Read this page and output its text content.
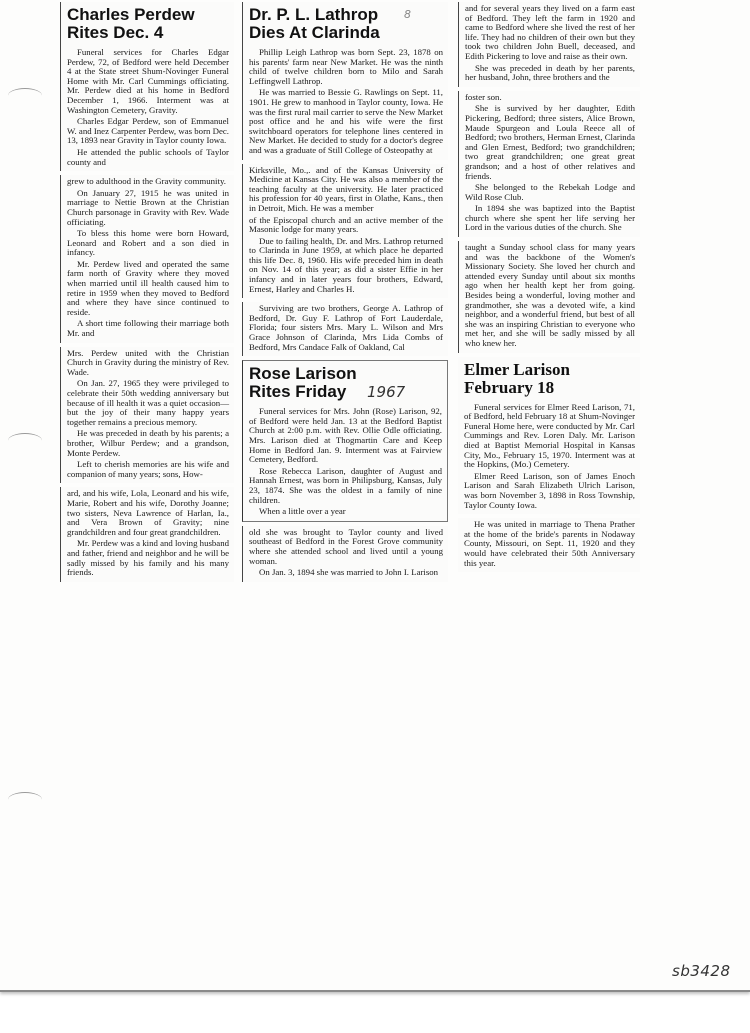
Charles Perdew
Rites Dec. 4

Funeral services for Charles Edgar Perdew, 72, of Bedford were held December 4 at the State street Shum-Novinger Funeral Home with Mr. Carl Cummings officiating. Mr. Perdew died at his home in Bedford December 1, 1966. Interment was at Washington Cemetery, Gravity.

Charles Edgar Perdew, son of Emmanuel W. and Inez Carpenter Perdew, was born Dec. 13, 1893 near Gravity in Taylor county Iowa.

He attended the public schools of Taylor county and

grew to adulthood in the Gravity community.

On January 27, 1915 he was united in marriage to Nettie Brown at the Christian Church parsonage in Gravity with Rev. Wade officiating.

To bless this home were born Howard, Leonard and Robert and a son died in infancy.

Mr. Perdew lived and operated the same farm north of Gravity where they moved when married until ill health caused him to retire in 1959 when they moved to Bedford and where they have since continued to reside.

A short time following their marriage both Mr. and

Mrs. Perdew united with the Christian Church in Gravity during the ministry of Rev. Wade.

On Jan. 27, 1965 they were privileged to celebrate their 50th wedding anniversary but because of ill health it was a quiet occasion—but the joy of their many happy years together remains a precious memory.

He was preceded in death by his parents; a brother, Wilbur Perdew; and a grandson, Monte Perdew.

Left to cherish memories are his wife and companion of many years; sons, How-

ard, and his wife, Lola, Leonard and his wife, Marie, Robert and his wife, Dorothy Joanne; two sisters, Neva Lawrence of Harlan, Ia., and Vera Brown of Gravity; nine grandchildren and four great grandchildren.

Mr. Perdew was a kind and loving husband and father, friend and neighbor and he will be sadly missed by his family and his many friends.

Dr. P. L. Lathrop
Dies At Clarinda

Phillip Leigh Lathrop was born Sept. 23, 1878 on his parents' farm near New Market. He was the ninth child of twelve children born to Milo and Sarah Leffingwell Lathrop.

He was married to Bessie G. Rawlings on Sept. 11, 1901. He grew to manhood in Taylor county, Iowa. He was the first rural mail carrier to serve the New Market post office and he and his wife were the first switchboard operators for telephone lines centered in New Market. He decided to study for a doctor's degree and was a graduate of Still College of Osteopathy at

Kirksville, Mo.,. and of the Kansas University of Medicine at Kansas City. He was also a member of the teaching faculty at the university. He later practiced his profession for 40 years, first in Olathe, Kans., then in Detroit, Mich. He was a member

of the Episcopal church and an active member of the Masonic lodge for many years.

Due to failing health, Dr. and Mrs. Lathrop returned to Clarinda in June 1959, at which place he departed this life Dec. 8, 1960. His wife preceded him in death on Nov. 14 of this year; as did a sister Effie in her infancy and in later years four brothers, Edward, Ernest, Harley and Charles H.

Surviving are two brothers, George A. Lathrop of Bedford, Dr. Guy F. Lathrop of Fort Lauderdale, Florida; four sisters Mrs. Mary L. Wilson and Mrs Grace Johnson of Clarinda, Mrs Lida Combs of Bedford, Mrs Candace Falk of Oakland, Cal

Rose Larison
Rites Friday	1967

Funeral services for Mrs. John (Rose) Larison, 92, of Bedford were held Jan. 13 at the Bedford Baptist Church at 2:00 p.m. with Rev. Ollie Odle officiating. Mrs. Larison died at Thogmartin Care and Keep Home in Bedford Jan. 9. Interment was at Fairview Cemetery, Bedford.

Rose Rebecca Larison, daughter of August and Hannah Ernest, was born in Philipsburg, Kansas, July 23, 1874. She was the oldest in a family of nine children.

When a little over a year

old she was brought to Taylor county and lived southeast of Bedford in the Forest Grove community where she attended school and lived until a young woman.

On Jan. 3, 1894 she was married to John I. Larison

8	and for several years they lived on a farm east of Bedford. They left the farm in 1920 and came to Bedford where she lived the rest of her life. They had no children of their own but they took two children John Buell, deceased, and Edith Pickering to love and raise as their own.

She was preceded in death by her parents, her husband, John, three brothers and the

foster son.

She is survived by her daughter, Edith Pickering, Bedford; three sisters, Alice Brown, Maude Spurgeon and Loula Reece all of Bedford; two brothers, Herman Ernest, Clarinda and Glen Ernest, Bedford; two grandchildren; two great grandchildren; one great great grandson; and a host of other relatives and friends.

She belonged to the Rebekah Lodge and Wild Rose Club.

In 1894 she was baptized into the Baptist church where she spent her life serving her Lord in the various duties of the church. She

taught a Sunday school class for many years and was the backbone of the Women's Missionary Society. She loved her church and attended every Sunday until about six months ago when her health kept her from going. Besides being a wonderful, loving mother and grandmother, she was a devoted wife, a kind neighbor, and a wonderful friend, but best of all she was an inspiring Christian to everyone who met her, and she will be sadly missed by all who knew her.

Elmer Larison
February 18

Funeral services for Elmer Reed Larison, 71, of Bedford, held February 18 at Shum-Novinger Funeral Home here, were conducted by Mr. Carl Cummings and Rev. Loren Daly. Mr. Larison died at Baptist Memorial Hospital in Kansas City, Mo., February 15, 1970. Interment was at the Hopkins, (Mo.) Cemetery.

Elmer Reed Larison, son of James Enoch Larison and Sarah Elizabeth Ulrich Larison, was born November 3, 1898 in Ross Township, Taylor County Iowa.

He was united in marriage to Thena Prather at the home of the bride's parents in Nodaway County, Missouri, on Sept. 11, 1920 and they would have celebrated their 50th Anniversary this year.

sb3428
